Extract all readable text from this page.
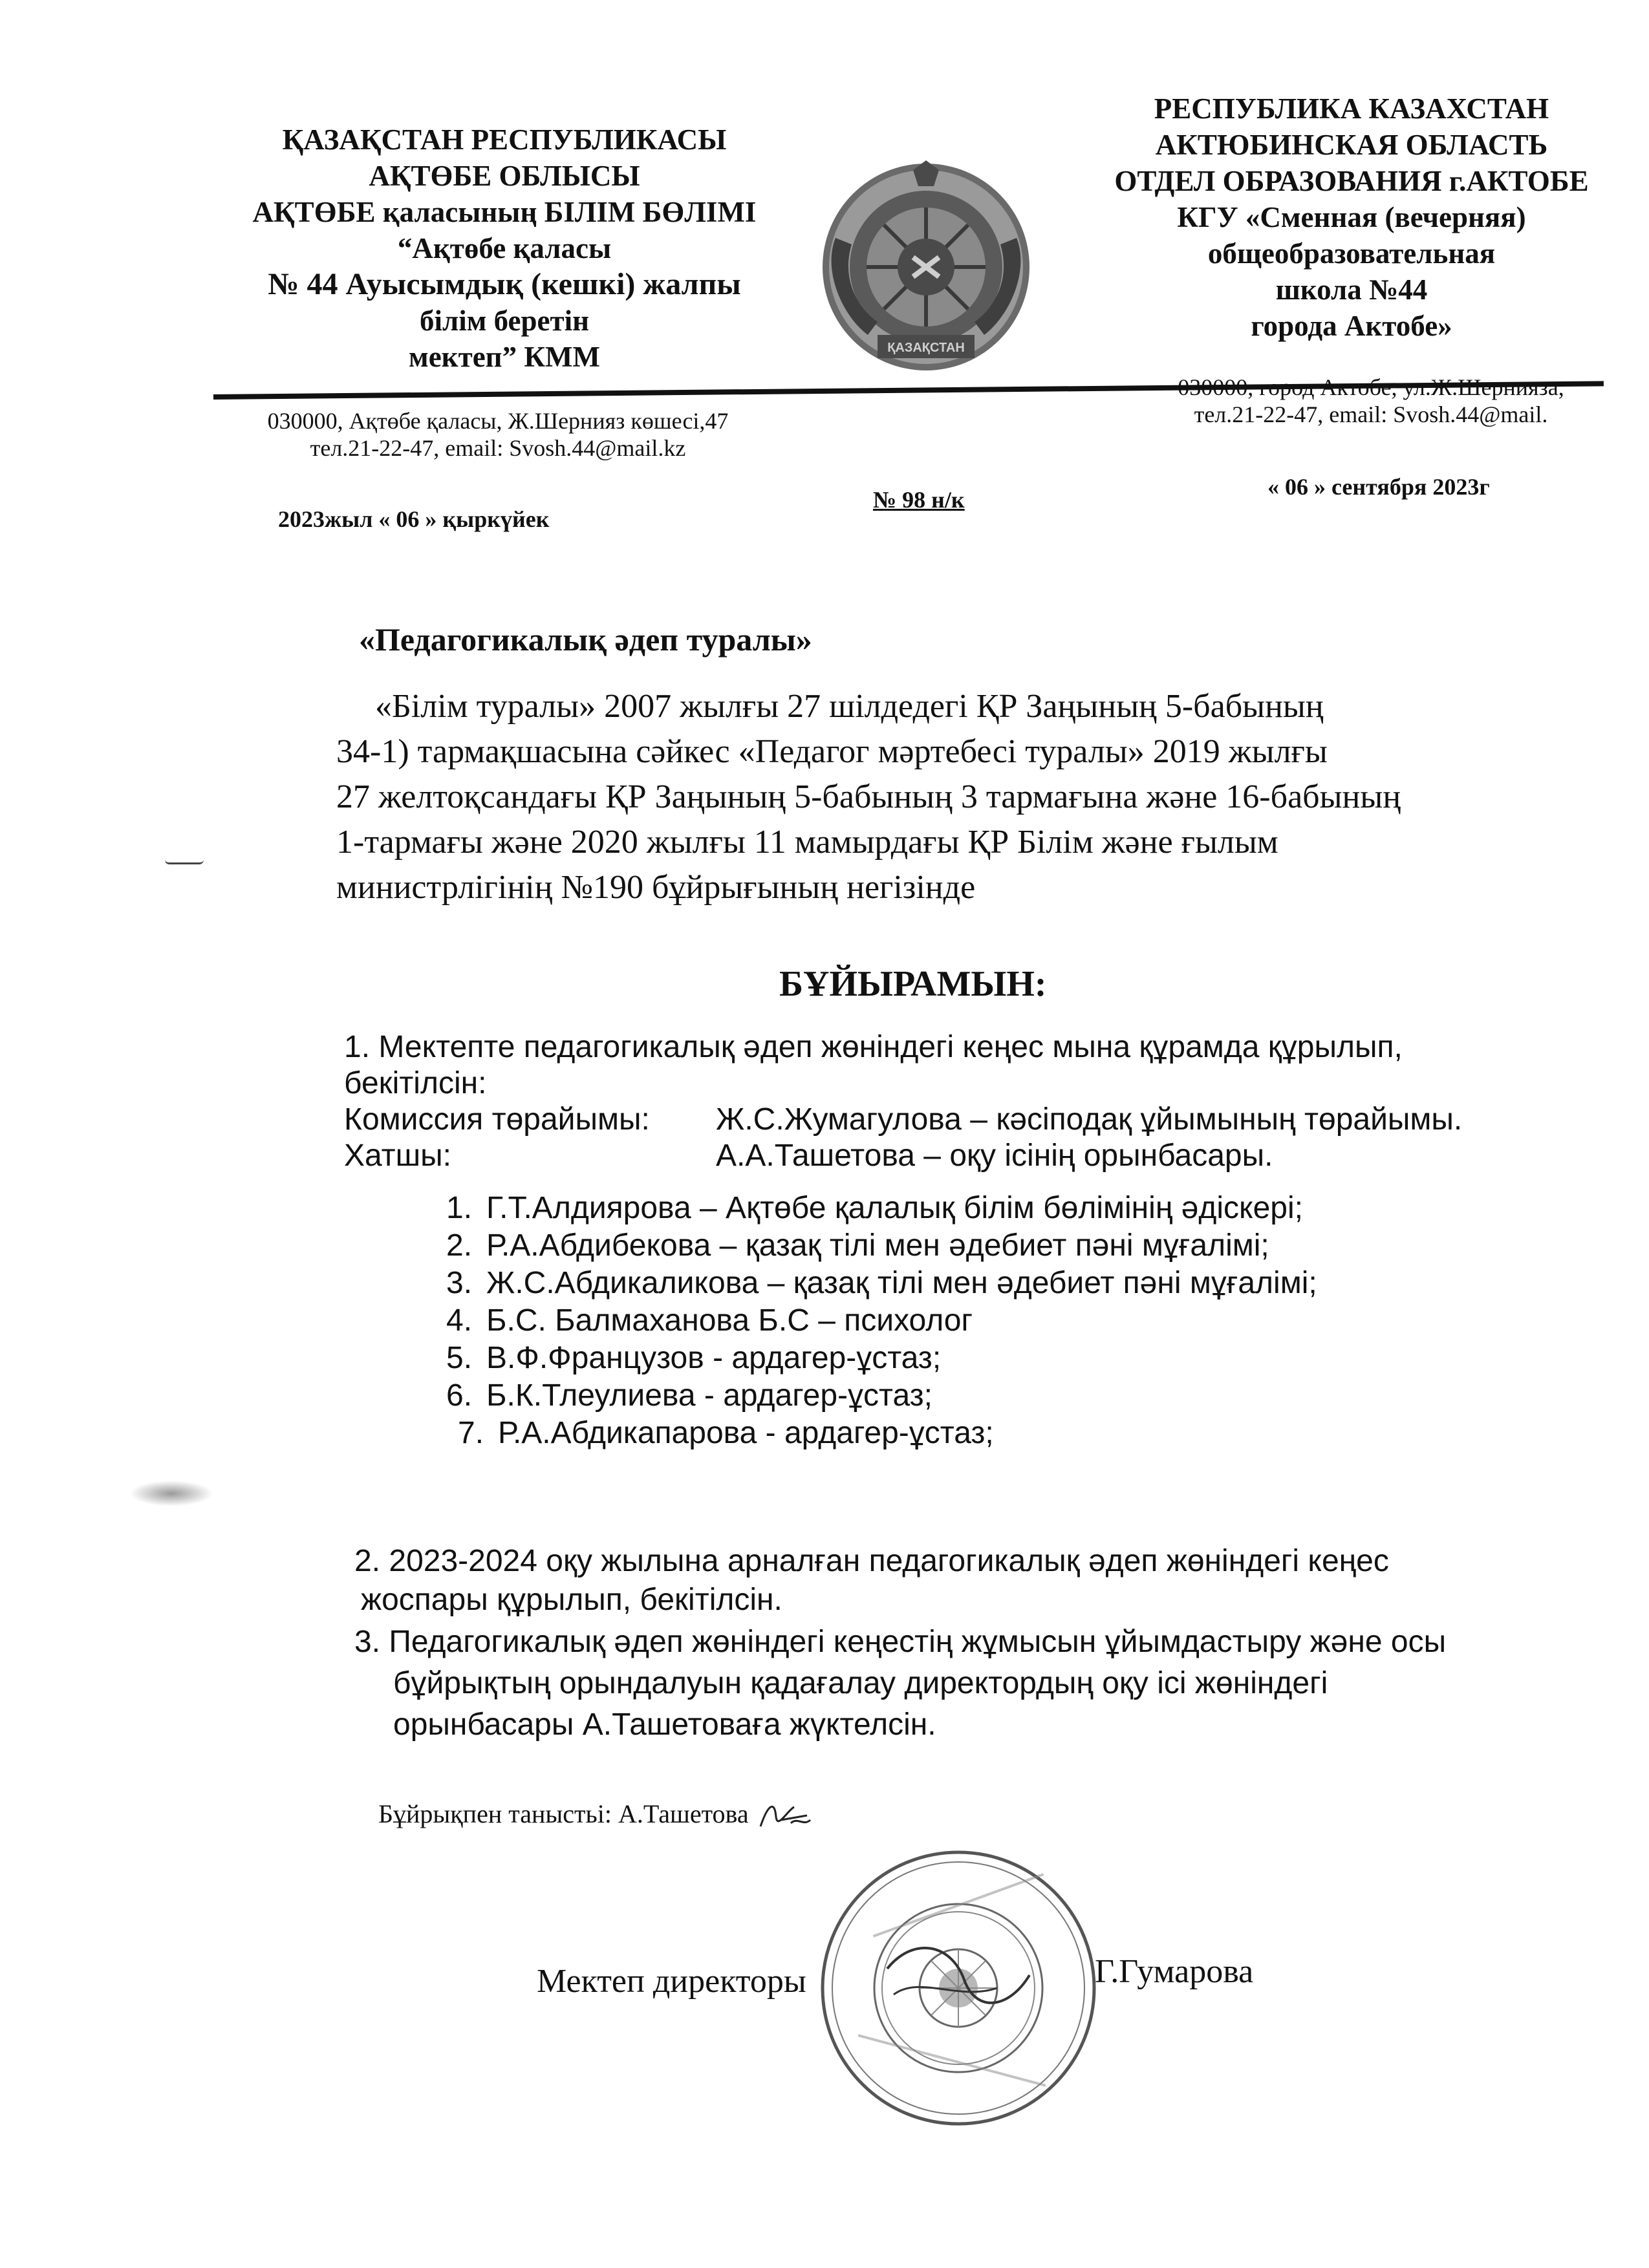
ҚАЗАҚСТАН РЕСПУБЛИКАСЫ
АҚТӨБЕ ОБЛЫСЫ
АҚТӨБЕ қаласының БІЛІМ БӨЛІМІ
“Ақтөбе қаласы
№ 44 Ауысымдық (кешкі) жалпы
білім беретін
мектеп” КММ	ҚАЗАҚСТАН
РЕСПУБЛИКА КАЗАХСТАН
АКТЮБИНСКАЯ ОБЛАСТЬ
ОТДЕЛ ОБРАЗОВАНИЯ г.АКТОБЕ
КГУ «Сменная (вечерняя)
общеобразовательная
школа №44
города Актобе»
030000, Ақтөбе қаласы, Ж.Шернияз көшесі,47
тел.21-22-47, email: Svosh.44@mail.kz
030000, город Актобе, ул.Ж.Шернияза,
тел.21-22-47, email: Svosh.44@mail.
2023жыл « 06 » қыркүйек
№ 98 н/к	« 06 » сентября 2023г
«Педагогикалық әдеп туралы»
«Білім туралы» 2007 жылғы 27 шілдедегі ҚР Заңының 5-бабының
34-1) тармақшасына сәйкес «Педагог мәртебесі туралы» 2019 жылғы
27 желтоқсандағы ҚР Заңының 5-бабының 3 тармағына және 16-бабының
1-тармағы және 2020 жылғы 11 мамырдағы ҚР Білім және ғылым
министрлігінің №190 бұйрығының негізінде
БҰЙЫРАМЫН:
1. Мектепте педагогикалық әдеп жөніндегі кеңес мына құрамда құрылып,
бекітілсін:
Комиссия төрайымы: Ж.С.Жумагулова – кәсіподақ ұйымының төрайымы.
Хатшы:	А.А.Ташетова – оқу ісінің орынбасары.
1. Г.Т.Алдиярова – Ақтөбе қалалық білім бөлімінің әдіскері;
2. Р.А.Абдибекова – қазақ тілі мен әдебиет пәні мұғалімі;
3. Ж.С.Абдикаликова – қазақ тілі мен әдебиет пәні мұғалімі;
4. Б.С. Балмаханова Б.С – психолог
5. В.Ф.Французов - ардагер-ұстаз;
6. Б.К.Тлеулиева - ардагер-ұстаз;
7. Р.А.Абдикапарова - ардагер-ұстаз;
2. 2023-2024 оқу жылына арналған педагогикалық әдеп жөніндегі кеңес
жоспары құрылып, бекітілсін.
3. Педагогикалық әдеп жөніндегі кеңестің жұмысын ұйымдастыру және осы
бұйрықтың орындалуын қадағалау директордың оқу ісі жөніндегі
орынбасары А.Ташетоваға жүктелсін.
Бұйрықпен таныстьі: А.Ташетова
Мектеп директоры	Г.Гумарова
